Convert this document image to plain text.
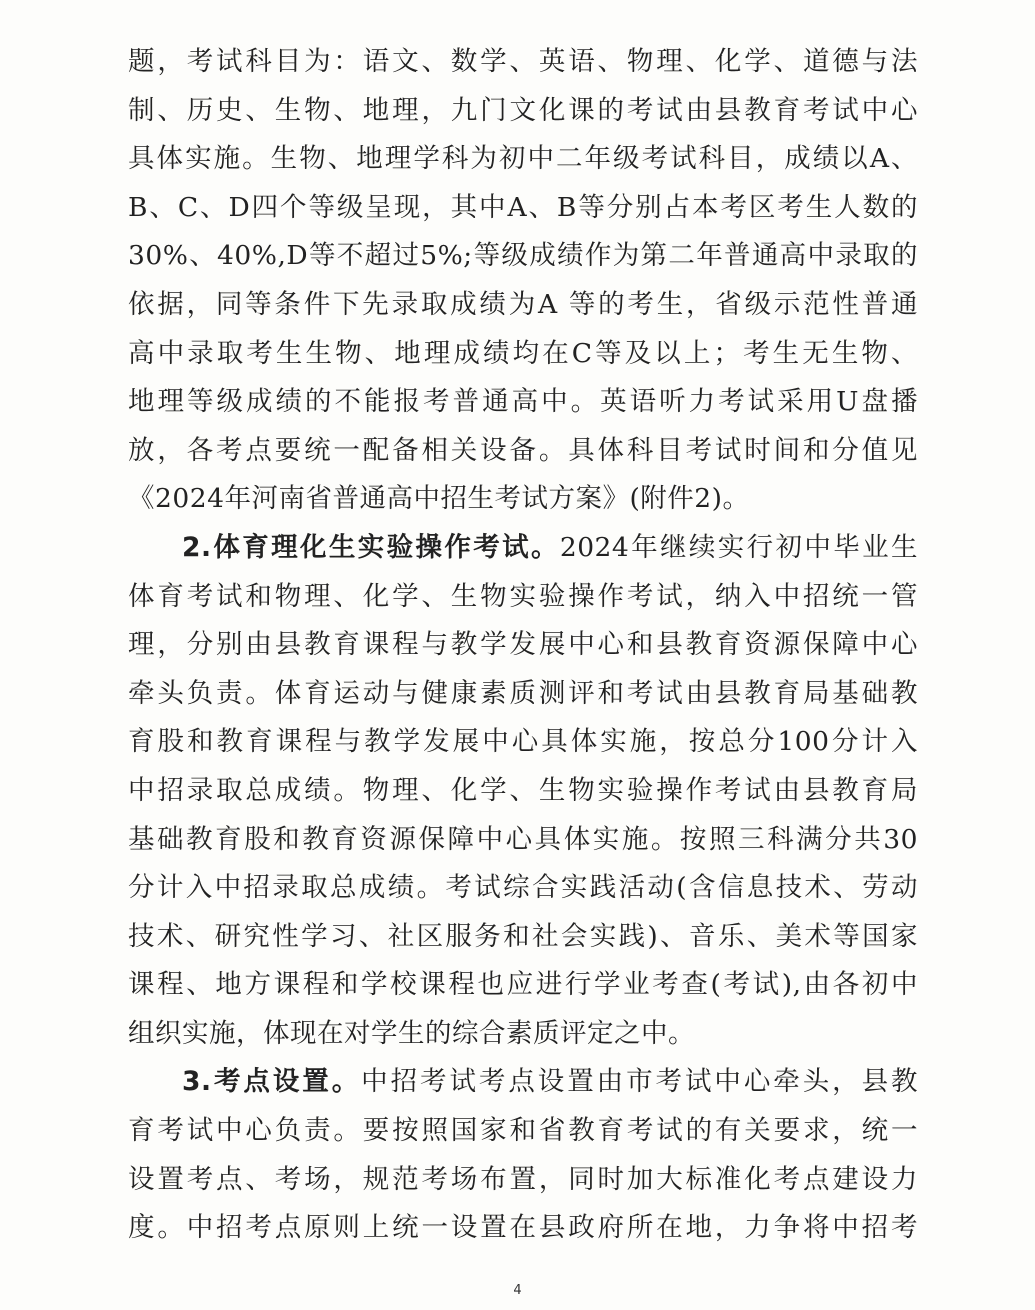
题，考试科目为：语文、数学、英语、物理、化学、道德与法
制、历史、生物、地理，九门文化课的考试由县教育考试中心
具体实施。生物、地理学科为初中二年级考试科目，成绩以A、
B、C、D四个等级呈现，其中A、B等分别占本考区考生人数的
30%、40%,D等不超过5%;等级成绩作为第二年普通高中录取的
依据，同等条件下先录取成绩为A 等的考生，省级示范性普通
高中录取考生生物、地理成绩均在C等及以上；考生无生物、
地理等级成绩的不能报考普通高中。英语听力考试采用U盘播
放，各考点要统一配备相关设备。具体科目考试时间和分值见
《2024年河南省普通高中招生考试方案》(附件2)。
2.体育理化生实验操作考试。2024年继续实行初中毕业生
体育考试和物理、化学、生物实验操作考试，纳入中招统一管
理，分别由县教育课程与教学发展中心和县教育资源保障中心
牵头负责。体育运动与健康素质测评和考试由县教育局基础教
育股和教育课程与教学发展中心具体实施，按总分100分计入
中招录取总成绩。物理、化学、生物实验操作考试由县教育局
基础教育股和教育资源保障中心具体实施。按照三科满分共30
分计入中招录取总成绩。考试综合实践活动(含信息技术、劳动
技术、研究性学习、社区服务和社会实践)、音乐、美术等国家
课程、地方课程和学校课程也应进行学业考查(考试),由各初中
组织实施，体现在对学生的综合素质评定之中。
3.考点设置。中招考试考点设置由市考试中心牵头，县教
育考试中心负责。要按照国家和省教育考试的有关要求，统一
设置考点、考场，规范考场布置，同时加大标准化考点建设力
度。中招考点原则上统一设置在县政府所在地，力争将中招考
4
